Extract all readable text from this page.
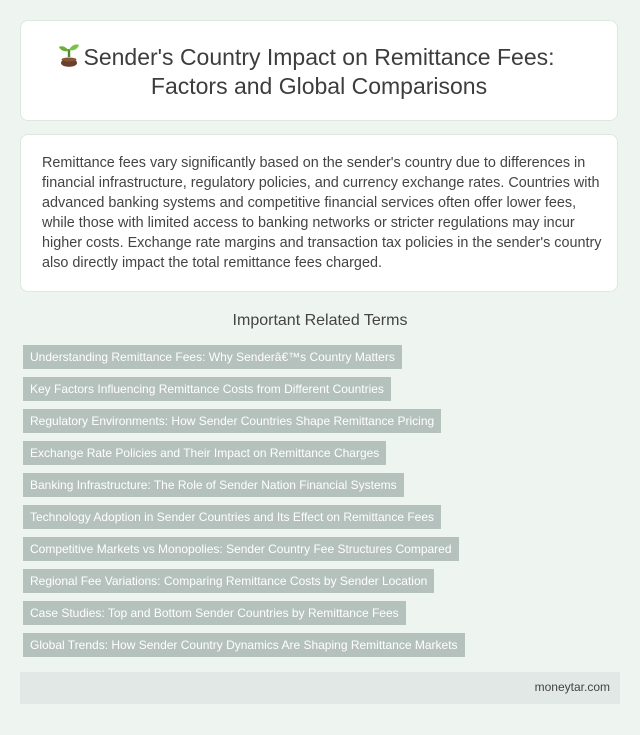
Sender's Country Impact on Remittance Fees:
Factors and Global Comparisons
Remittance fees vary significantly based on the sender's country due to differences in financial infrastructure, regulatory policies, and currency exchange rates. Countries with advanced banking systems and competitive financial services often offer lower fees, while those with limited access to banking networks or stricter regulations may incur higher costs. Exchange rate margins and transaction tax policies in the sender's country also directly impact the total remittance fees charged.
Important Related Terms
Understanding Remittance Fees: Why Senderâ€™s Country Matters
Key Factors Influencing Remittance Costs from Different Countries
Regulatory Environments: How Sender Countries Shape Remittance Pricing
Exchange Rate Policies and Their Impact on Remittance Charges
Banking Infrastructure: The Role of Sender Nation Financial Systems
Technology Adoption in Sender Countries and Its Effect on Remittance Fees
Competitive Markets vs Monopolies: Sender Country Fee Structures Compared
Regional Fee Variations: Comparing Remittance Costs by Sender Location
Case Studies: Top and Bottom Sender Countries by Remittance Fees
Global Trends: How Sender Country Dynamics Are Shaping Remittance Markets
moneytar.com
